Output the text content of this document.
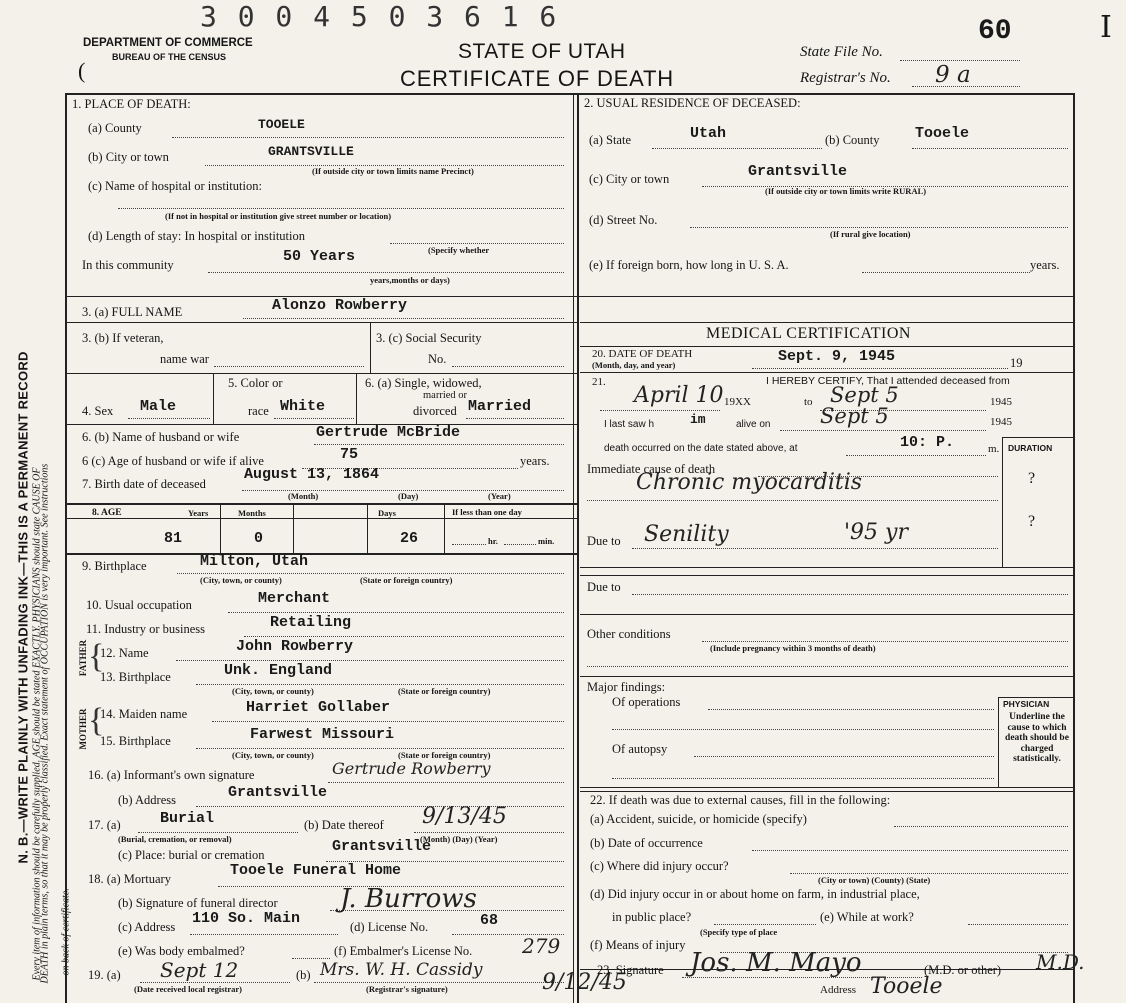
N. B.—WRITE PLAINLY WITH UNFADING INK—THIS IS A PERMANENT RECORD Every item of information should be carefully supplied. AGE should be stated EXACTLY. PHYSICIANS should state CAUSE OF
DEATH in plain terms, so that it may be properly classified. Exact statement of OCCUPATION is very important. See instructions on back of certificate.
3 0 0 4 5 0 3 6 1 6
DEPARTMENT OF COMMERCE
BUREAU OF THE CENSUS	STATE OF UTAH
CERTIFICATE OF DEATH
State File No.
60
Registrar's No. 9 a
I
(
1. PLACE OF DEATH:
(a) County	TOOELE
(b) City or town	GRANTSVILLE
(If outside city or town limits name Precinct)
(c) Name of hospital or institution:
(If not in hospital or institution give street number or location)
(d) Length of stay: In hospital or institution
(Specify whether
In this community	50 Years
years,months or days)
2. USUAL RESIDENCE OF DECEASED:
(a) State	Utah	(b) County Tooele
(c) City or town	Grantsville
(If outside city or town limits write RURAL)
(d) Street No.
(If rural give location)
(e) If foreign born, how long in U. S. A.	years.
3. (a) FULL NAME	Alonzo Rowberry
3. (b) If veteran,
name war
3. (c) Social Security
No.
4. Sex Male
5. Color or
race White
6. (a) Single, widowed,
married or
divorced Married
6. (b) Name of husband or wife	Gertrude McBride
6 (c) Age of husband or wife if alive	75	years.
7. Birth date of deceased
August 13, 1864
(Month)	(Day)	(Year)
8. AGE	Years	Months	Days	If less than one day
81	0	26	hr.	min.
9. Birthplace	Milton, Utah
(City, town, or county)	(State or foreign country)
10. Usual occupation	Merchant
11. Industry or business	Retailing
FATHER
MOTHER
{
{
12. Name	John Rowberry
13. Birthplace	Unk. England
(City, town, or county)	(State or foreign country)
14. Maiden name	Harriet Gollaber
15. Birthplace	Farwest Missouri
(City, town, or county)	(State or foreign country)
16. (a) Informant's own signature	Gertrude Rowberry
(b) Address	Grantsville
17. (a)	Burial
(Burial, cremation, or removal)
(b) Date thereof 9/13/45
(Month) (Day) (Year)
(c) Place: burial or cremation	Grantsville
18. (a) Mortuary	Tooele Funeral Home
(b) Signature of funeral director J. Burrows
(c) Address 110 So. Main	(d) License No.	68
(e) Was body embalmed?	(f) Embalmer's License No. 279
19. (a) Sept 12
(Date received local registrar)
(b) Mrs. W. H. Cassidy
(Registrar's signature)	9/12/45
MEDICAL CERTIFICATION
20. DATE OF DEATH
(Month, day, and year)	Sept. 9, 1945	19
21.	I HEREBY CERTIFY, That I attended deceased from
April 10 19XX	to Sept 5	1945
I last saw h	im	alive on Sept 5	1945
death occurred on the date stated above, at	10: P.	m. DURATION
Immediate cause of death
Chronic myocarditis	?
Due to Senility	'95 yr	?
Due to
Other conditions
(Include pregnancy within 3 months of death)
Major findings:
Of operations
Of autopsy
PHYSICIAN
Underline the cause to which death should be charged statistically.
22. If death was due to external causes, fill in the following:
(a) Accident, suicide, or homicide (specify)
(b) Date of occurrence
(c) Where did injury occur?
(City or town) (County) (State)
(d) Did injury occur in or about home on farm, in industrial place,
in public place?	(e) While at work?
(Specify type of place
(f) Means of injury
23. Signature Jos. M. Mayo	(M.D. or other) M.D.
Address Tooele
